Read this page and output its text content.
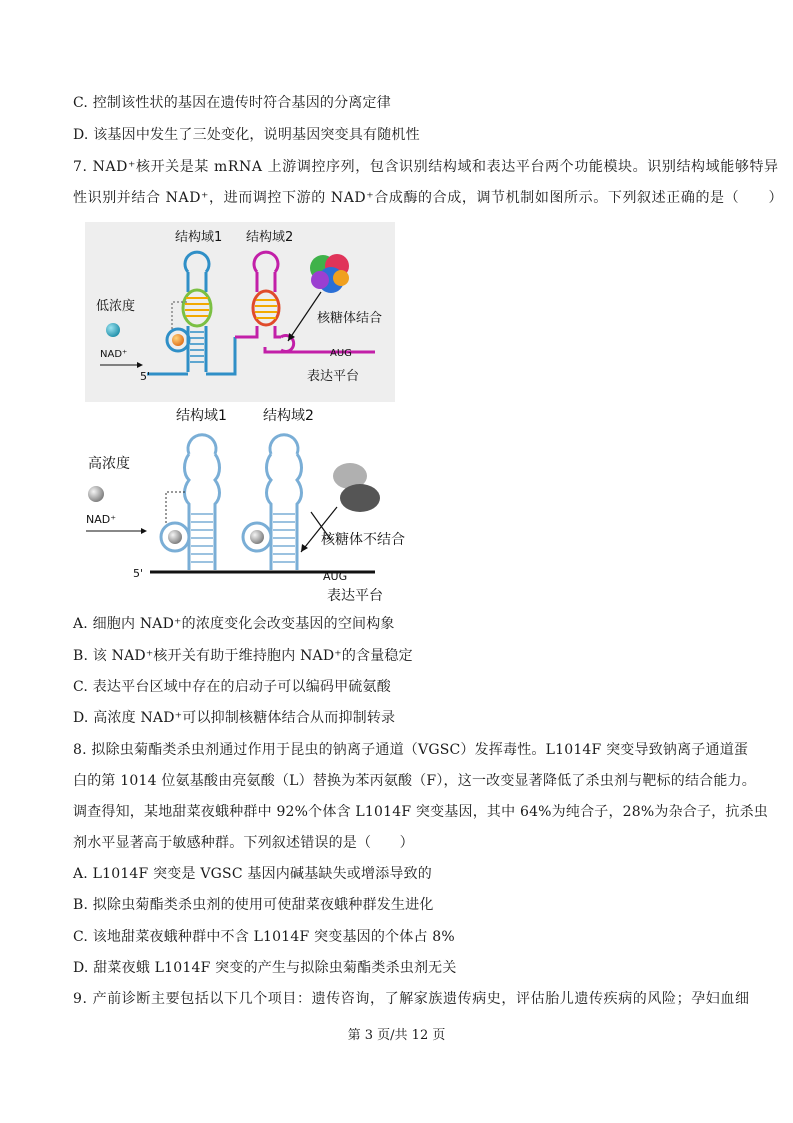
C. 控制该性状的基因在遗传时符合基因的分离定律
D. 该基因中发生了三处变化，说明基因突变具有随机性
7. NAD⁺核开关是某 mRNA 上游调控序列，包含识别结构域和表达平台两个功能模块。识别结构域能够特异
性识别并结合 NAD⁺，进而调控下游的 NAD⁺合成酶的合成，调节机制如图所示。下列叙述正确的是（　　）
结构域1 结构域2
低浓度
NAD⁺
5'
AUG
表达平台
核糖体结合
结构域1	结构域2
高浓度
NAD⁺
5'	AUG
表达平台
核糖体不结合
A. 细胞内 NAD⁺的浓度变化会改变基因的空间构象
B. 该 NAD⁺核开关有助于维持胞内 NAD⁺的含量稳定
C. 表达平台区域中存在的启动子可以编码甲硫氨酸
D. 高浓度 NAD⁺可以抑制核糖体结合从而抑制转录
8. 拟除虫菊酯类杀虫剂通过作用于昆虫的钠离子通道（VGSC）发挥毒性。L1014F 突变导致钠离子通道蛋
白的第 1014 位氨基酸由亮氨酸（L）替换为苯丙氨酸（F），这一改变显著降低了杀虫剂与靶标的结合能力。
调查得知，某地甜菜夜蛾种群中 92%个体含 L1014F 突变基因，其中 64%为纯合子，28%为杂合子，抗杀虫
剂水平显著高于敏感种群。下列叙述错误的是（　　）
A. L1014F 突变是 VGSC 基因内碱基缺失或增添导致的
B. 拟除虫菊酯类杀虫剂的使用可使甜菜夜蛾种群发生进化
C. 该地甜菜夜蛾种群中不含 L1014F 突变基因的个体占 8%
D. 甜菜夜蛾 L1014F 突变的产生与拟除虫菊酯类杀虫剂无关
9. 产前诊断主要包括以下几个项目：遗传咨询，了解家族遗传病史，评估胎儿遗传疾病的风险；孕妇血细
第 3 页/共 12 页
